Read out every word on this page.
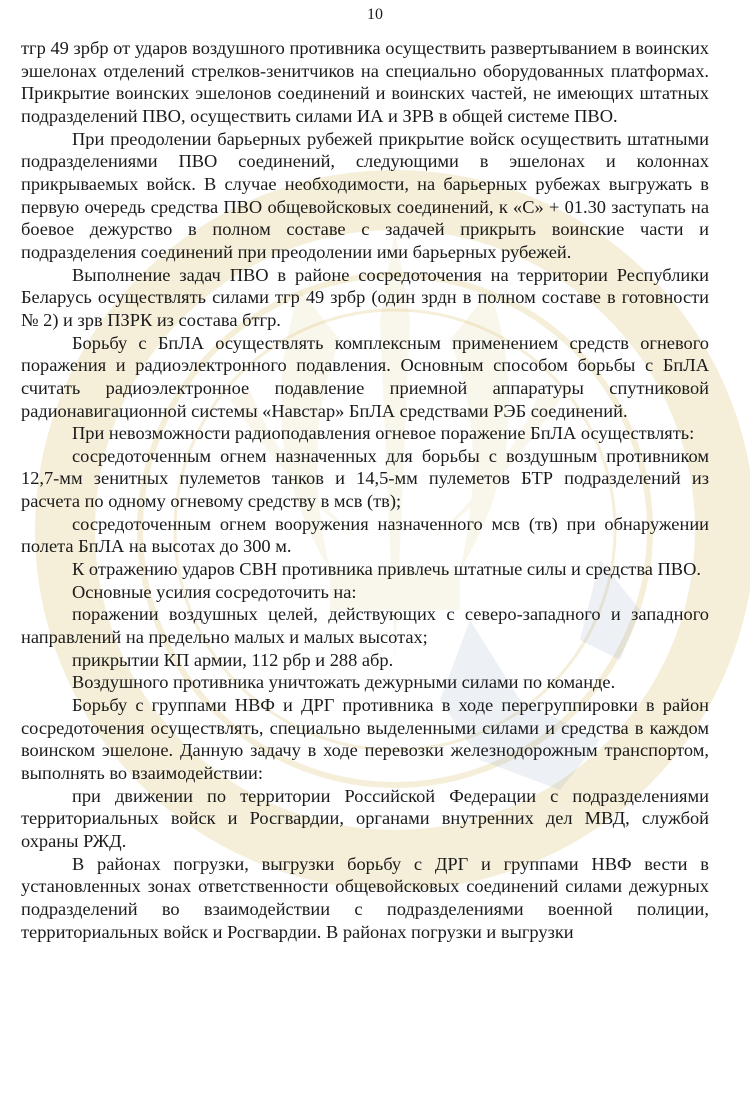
10

тгр 49 зрбр от ударов воздушного противника осуществить развертыванием в воинских эшелонах отделений стрелков-зенитчиков на специально оборудованных платформах. Прикрытие воинских эшелонов соединений и воинских частей, не имеющих штатных подразделений ПВО, осуществить силами ИА и ЗРВ в общей системе ПВО.

При преодолении барьерных рубежей прикрытие войск осуществить штатными подразделениями ПВО соединений, следующими в эшелонах и колоннах прикрываемых войск. В случае необходимости, на барьерных рубежах выгружать в первую очередь средства ПВО общевойсковых соединений, к «С» + 01.30 заступать на боевое дежурство в полном составе с задачей прикрыть воинские части и подразделения соединений при преодолении ими барьерных рубежей.

Выполнение задач ПВО в районе сосредоточения на территории Республики Беларусь осуществлять силами тгр 49 зрбр (один зрдн в полном составе в готовности № 2) и зрв ПЗРК из состава бтгр.

Борьбу с БпЛА осуществлять комплексным применением средств огневого поражения и радиоэлектронного подавления. Основным способом борьбы с БпЛА считать радиоэлектронное подавление приемной аппаратуры спутниковой радионавигационной системы «Навстар» БпЛА средствами РЭБ соединений.

При невозможности радиоподавления огневое поражение БпЛА осуществлять:

сосредоточенным огнем назначенных для борьбы с воздушным противником 12,7-мм зенитных пулеметов танков и 14,5-мм пулеметов БТР подразделений из расчета по одному огневому средству в мсв (тв);

сосредоточенным огнем вооружения назначенного мсв (тв) при обнаружении полета БпЛА на высотах до 300 м.

К отражению ударов СВН противника привлечь штатные силы и средства ПВО.

Основные усилия сосредоточить на:

поражении воздушных целей, действующих с северо-западного и западного направлений на предельно малых и малых высотах;

прикрытии КП армии, 112 рбр и 288 абр.

Воздушного противника уничтожать дежурными силами по команде.

Борьбу с группами НВФ и ДРГ противника в ходе перегруппировки в район сосредоточения осуществлять, специально выделенными силами и средства в каждом воинском эшелоне. Данную задачу в ходе перевозки железнодорожным транспортом, выполнять во взаимодействии:

при движении по территории Российской Федерации с подразделениями территориальных войск и Росгвардии, органами внутренних дел МВД, службой охраны РЖД.

В районах погрузки, выгрузки борьбу с ДРГ и группами НВФ вести в установленных зонах ответственности общевойсковых соединений силами дежурных подразделений во взаимодействии с подразделениями военной полиции, территориальных войск и Росгвардии. В районах погрузки и выгрузки
